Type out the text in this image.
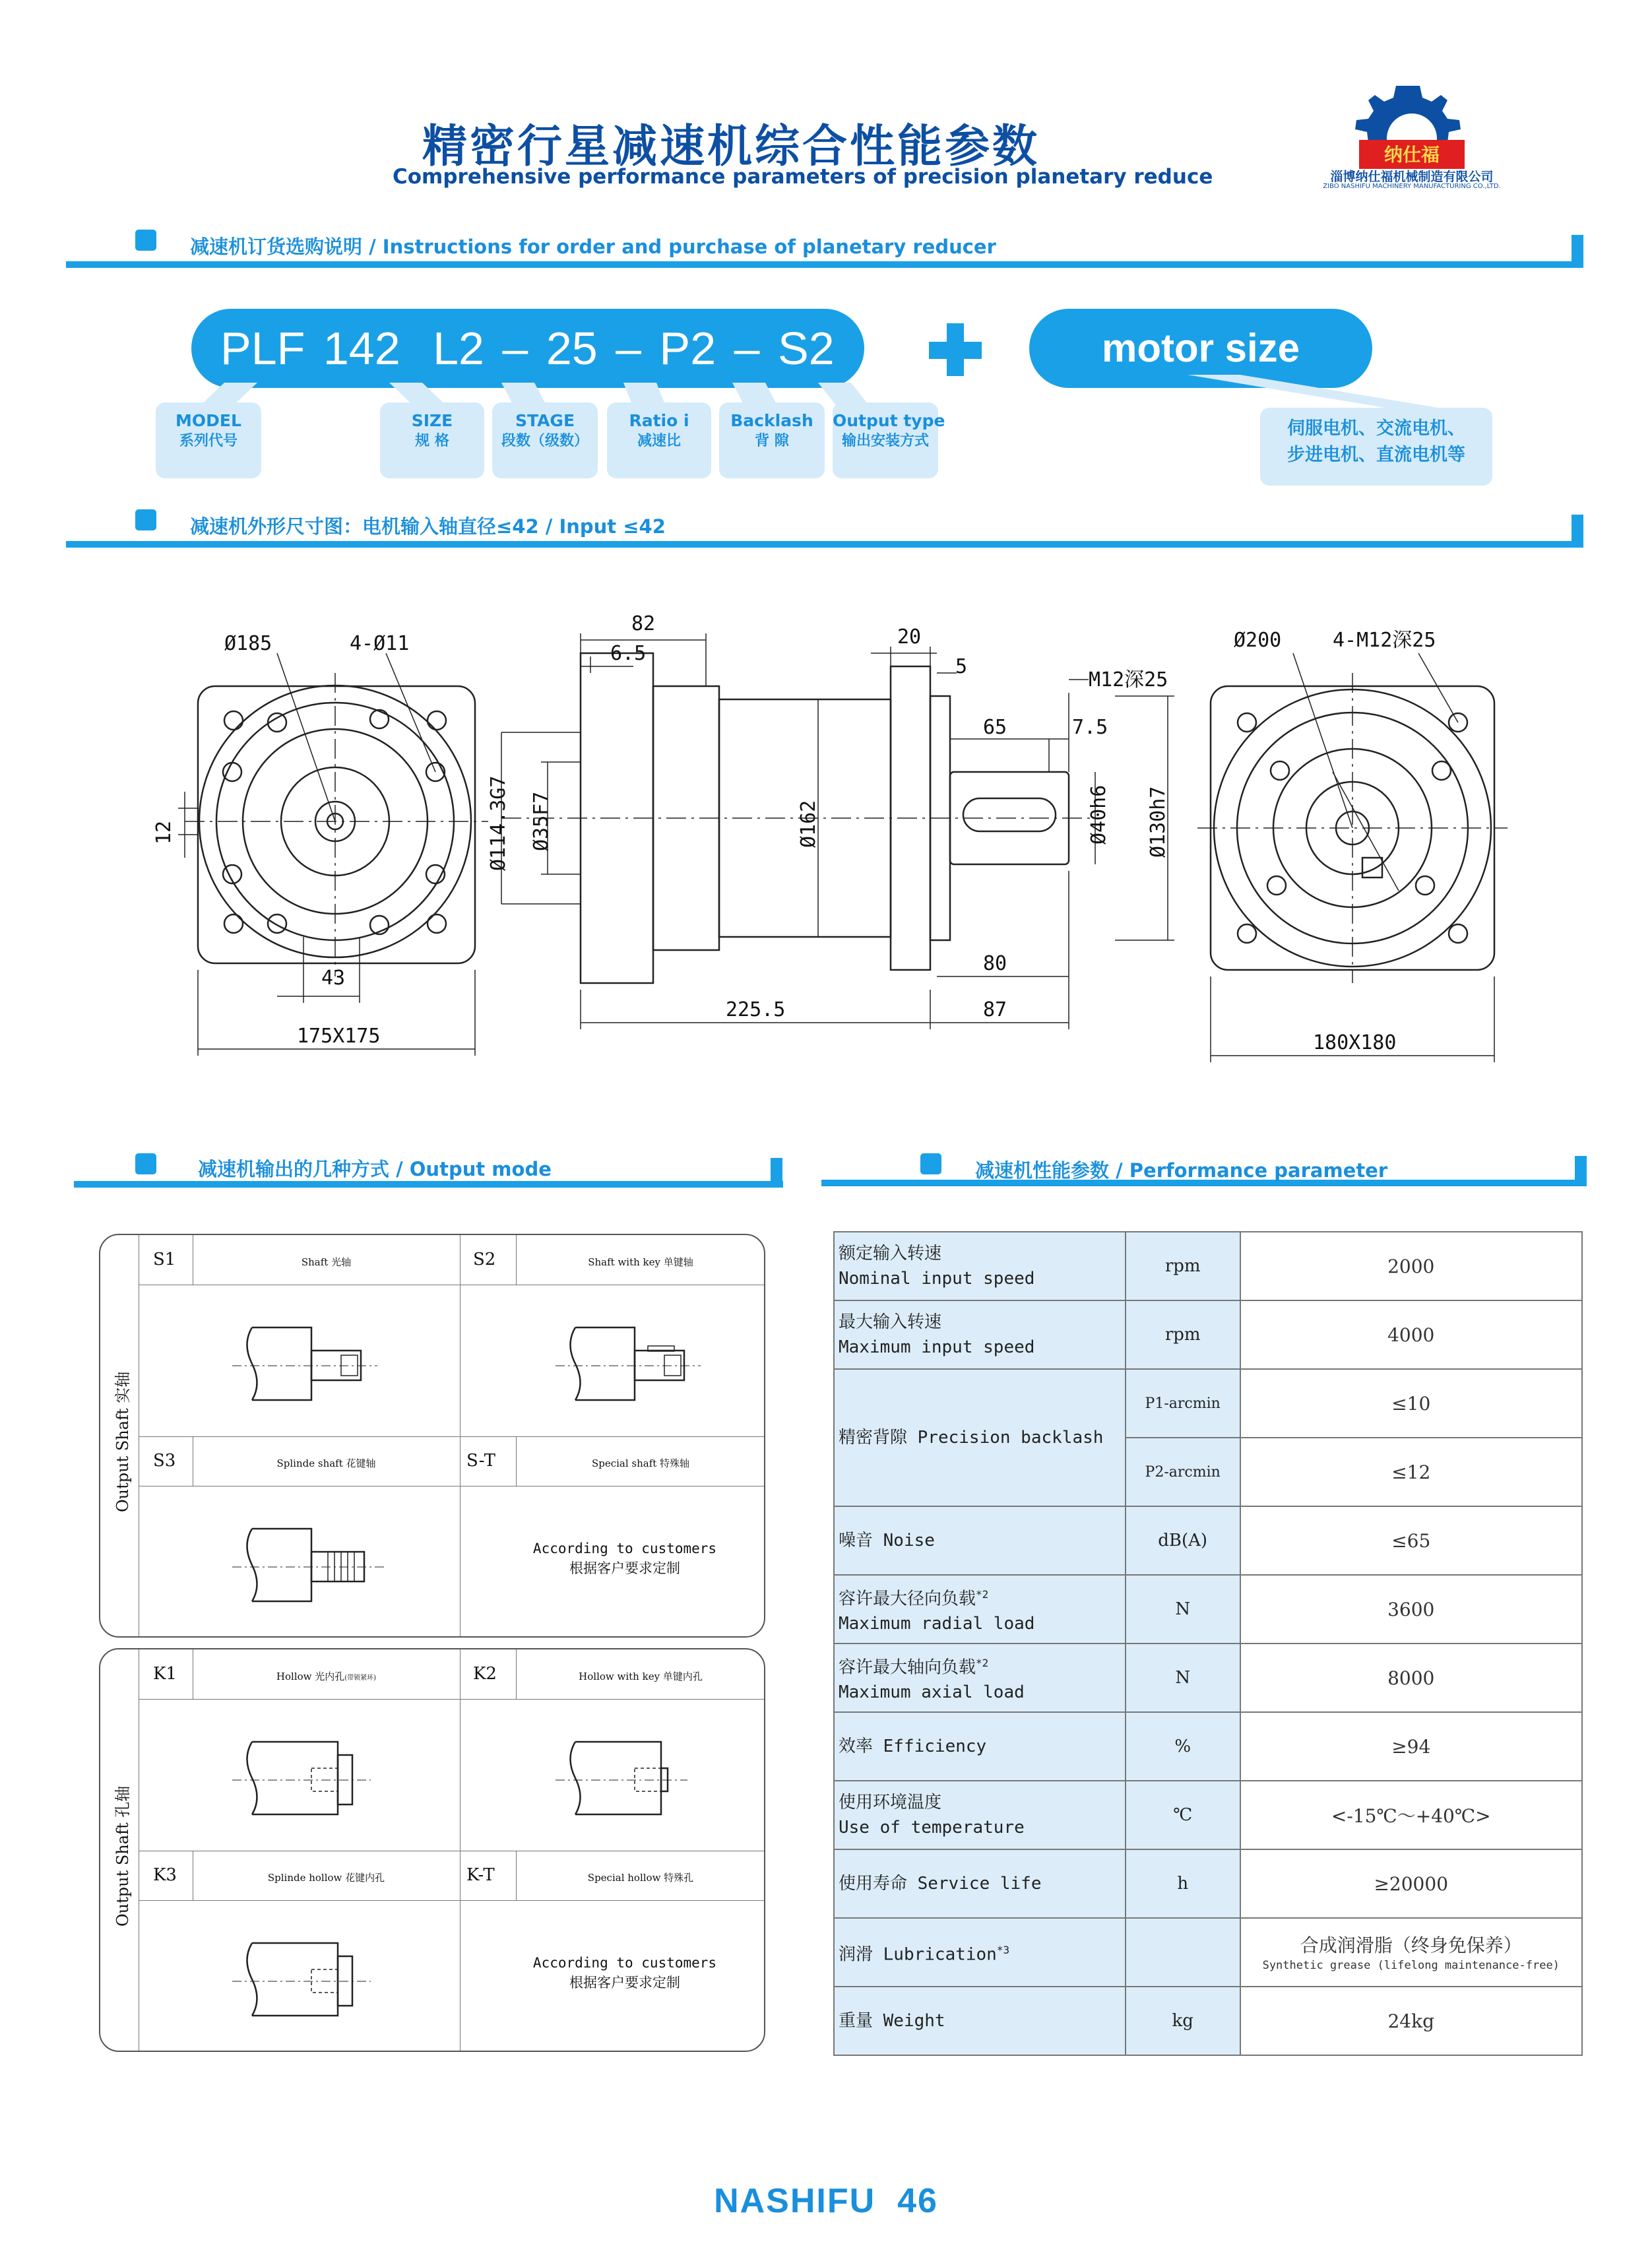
精密行星减速机综合性能参数
Comprehensive performance parameters of precision planetary reduce
纳仕福
淄博纳仕福机械制造有限公司
ZIBO NASHIFU MACHINERY MANUFACTURING CO.,LTD.
减速机订货选购说明 / Instructions for order and purchase of planetary reducer
PLF 142 L2 – 25 – P2 – S2	motor size
MODEL
系列代号
SIZE
规 格
STAGE
段数（级数）
Ratio i
减速比
Backlash
背 隙
Output type
输出安装方式
伺服电机、交流电机、
步进电机、直流电机等
减速机外形尺寸图：电机输入轴直径≤42 / Input ≤42
Ø185	4-Ø11
12
43
175X175
82
6.5
Ø114.3G7 Ø35F7	Ø162
225.5
20
5
M12深25
65	7.5
Ø40h6 Ø130h7
80
87
Ø200	4-M12深25
180X180
减速机输出的几种方式 / Output mode
Output Shaft 实轴
S1	Shaft 光轴	S2	Shaft with key 单键轴
S3	Splinde shaft 花键轴	S-T	Special shaft 特殊轴
According to customers
根据客户要求定制
Output Shaft 孔轴
K1	Hollow 光内孔(带锁紧环)	K2	Hollow with key 单键内孔
K3	Splinde hollow 花键内孔	K-T	Special hollow 特殊孔
According to customers
根据客户要求定制
减速机性能参数 / Performance parameter
额定输入转速
Nominal input speed	rpm	2000

最大输入转速
Maximum input speed	rpm	4000
精密背隙 Precision backlash	P1-arcmin	≤10
	P2-arcmin	≤12
噪音 Noise	dB(A)	≤65

容许最大径向负载$^{*2}$
Maximum radial load	N	3600

容许最大轴向负载$^{*2}$
Maximum axial load	N	8000
效率 Efficiency	%	≥94

使用环境温度
Use of temperature	℃	<-15℃～+40℃>
使用寿命 Service life	h	≥20000
润滑 Lubrication$^{*3}$		合成润滑脂（终身免保养）
Synthetic grease (lifelong maintenance-free)

重量 Weight	kg	24kg
NASHIFU  46
